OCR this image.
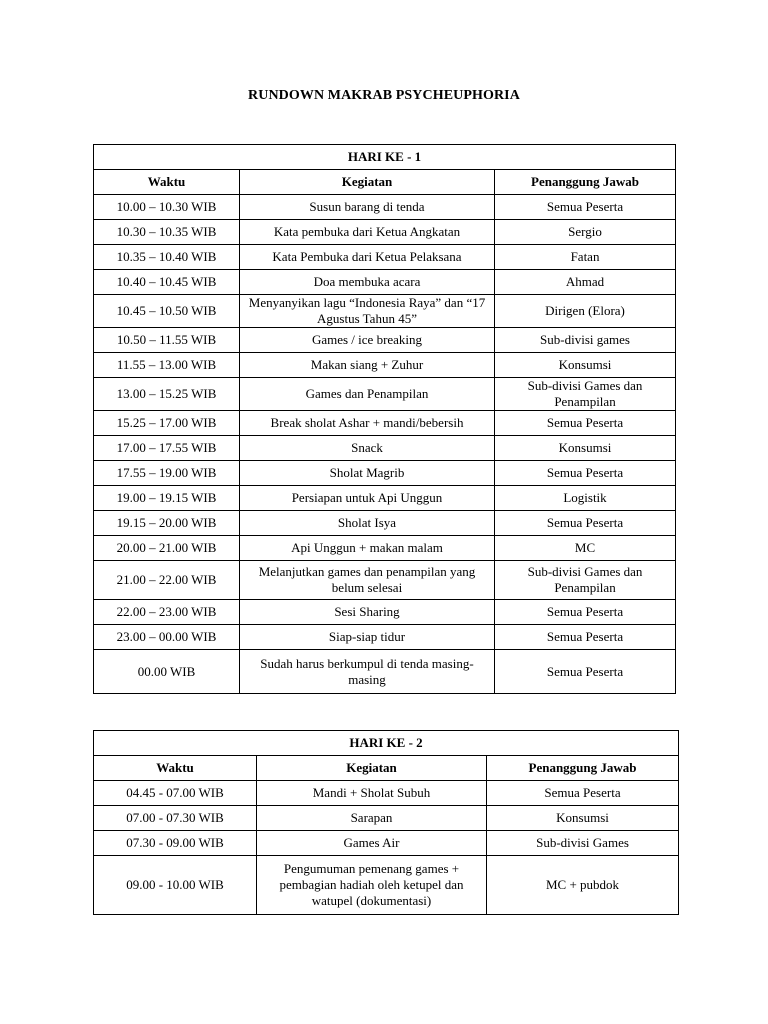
RUNDOWN MAKRAB PSYCHEUPHORIA
HARI KE - 1		
Waktu	Kegiatan	Penanggung Jawab
10.00 – 10.30 WIB	Susun barang di tenda	Semua Peserta
10.30 – 10.35 WIB	Kata pembuka dari Ketua Angkatan	Sergio
10.35 – 10.40 WIB	Kata Pembuka dari Ketua Pelaksana	Fatan
10.40 – 10.45 WIB	Doa membuka acara	Ahmad
10.45 – 10.50 WIB	Menyanyikan lagu “Indonesia Raya” dan “17 Agustus Tahun 45”	Dirigen (Elora)
10.50 – 11.55 WIB	Games / ice breaking	Sub-divisi games
11.55 – 13.00 WIB	Makan siang + Zuhur	Konsumsi
13.00 – 15.25 WIB	Games dan Penampilan	Sub-divisi Games dan Penampilan
15.25 – 17.00 WIB	Break sholat Ashar + mandi/bebersih	Semua Peserta
17.00 – 17.55 WIB	Snack	Konsumsi
17.55 – 19.00 WIB	Sholat Magrib	Semua Peserta
19.00 – 19.15 WIB	Persiapan untuk Api Unggun	Logistik
19.15 – 20.00 WIB	Sholat Isya	Semua Peserta
20.00 – 21.00 WIB	Api Unggun + makan malam	MC
21.00 – 22.00 WIB	Melanjutkan games dan penampilan yang belum selesai	Sub-divisi Games dan Penampilan
22.00 – 23.00 WIB	Sesi Sharing	Semua Peserta
23.00 – 00.00 WIB	Siap-siap tidur	Semua Peserta
00.00 WIB	Sudah harus berkumpul di tenda masing-masing	Semua Peserta
HARI KE - 2		
Waktu	Kegiatan	Penanggung Jawab
04.45 - 07.00 WIB	Mandi + Sholat Subuh	Semua Peserta
07.00 - 07.30 WIB	Sarapan	Konsumsi
07.30 - 09.00 WIB	Games Air	Sub-divisi Games
09.00 - 10.00 WIB	Pengumuman pemenang games + pembagian hadiah oleh ketupel dan watupel (dokumentasi)	MC + pubdok
